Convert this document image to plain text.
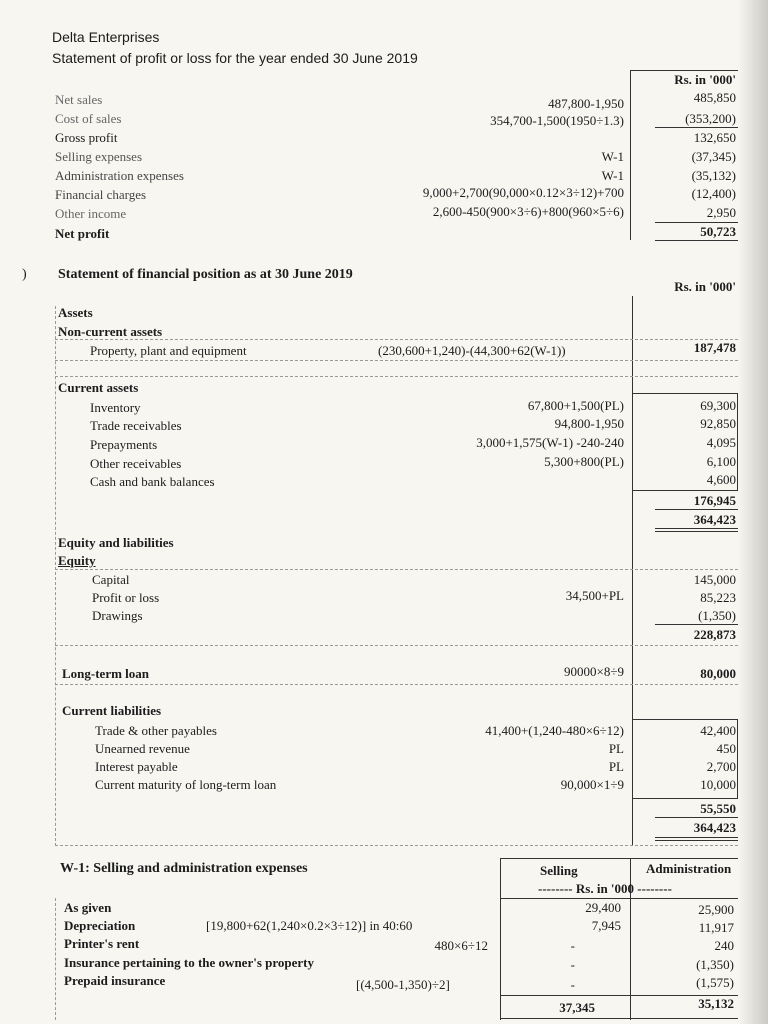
Delta Enterprises
Statement of profit or loss for the year ended 30 June 2019
Rs. in '000'
Net sales	487,800-1,950	485,850
Cost of sales	354,700-1,500(1950÷1.3)	(353,200)
Gross profit	132,650
Selling expenses	W-1	(37,345)
Administration expenses	W-1	(35,132)
Financial charges	9,000+2,700(90,000×0.12×3÷12)+700	(12,400)
Other income	2,600-450(900×3÷6)+800(960×5÷6)	2,950
Net profit	50,723
) Statement of financial position as at 30 June 2019
Rs. in '000'
Assets
Non-current assets
Property, plant and equipment	(230,600+1,240)-(44,300+62(W-1))	187,478
Current assets
Inventory	67,800+1,500(PL)	69,300
Trade receivables	94,800-1,950	92,850
Prepayments	3,000+1,575(W-1) -240-240	4,095
Other receivables	5,300+800(PL)	6,100
Cash and bank balances	4,600
176,945
364,423
Equity and liabilities
Equity
Capital	145,000
Profit or loss	34,500+PL	85,223
Drawings	(1,350)
228,873
Long-term loan	90000×8÷9	80,000
Current liabilities
Trade & other payables	41,400+(1,240-480×6÷12)	42,400
Unearned revenue	PL	450
Interest payable	PL	2,700
Current maturity of long-term loan	90,000×1÷9	10,000
55,550
364,423
W-1: Selling and administration expenses	Selling	Administration
-------- Rs. in '000 --------
As given	29,400	25,900
Depreciation	[19,800+62(1,240×0.2×3÷12)] in 40:60	7,945	11,917
Printer's rent	480×6÷12	-	240
Insurance pertaining to the owner's property	-	(1,350)
Prepaid insurance	[(4,500-1,350)÷2]	-	(1,575)
37,345	35,132
